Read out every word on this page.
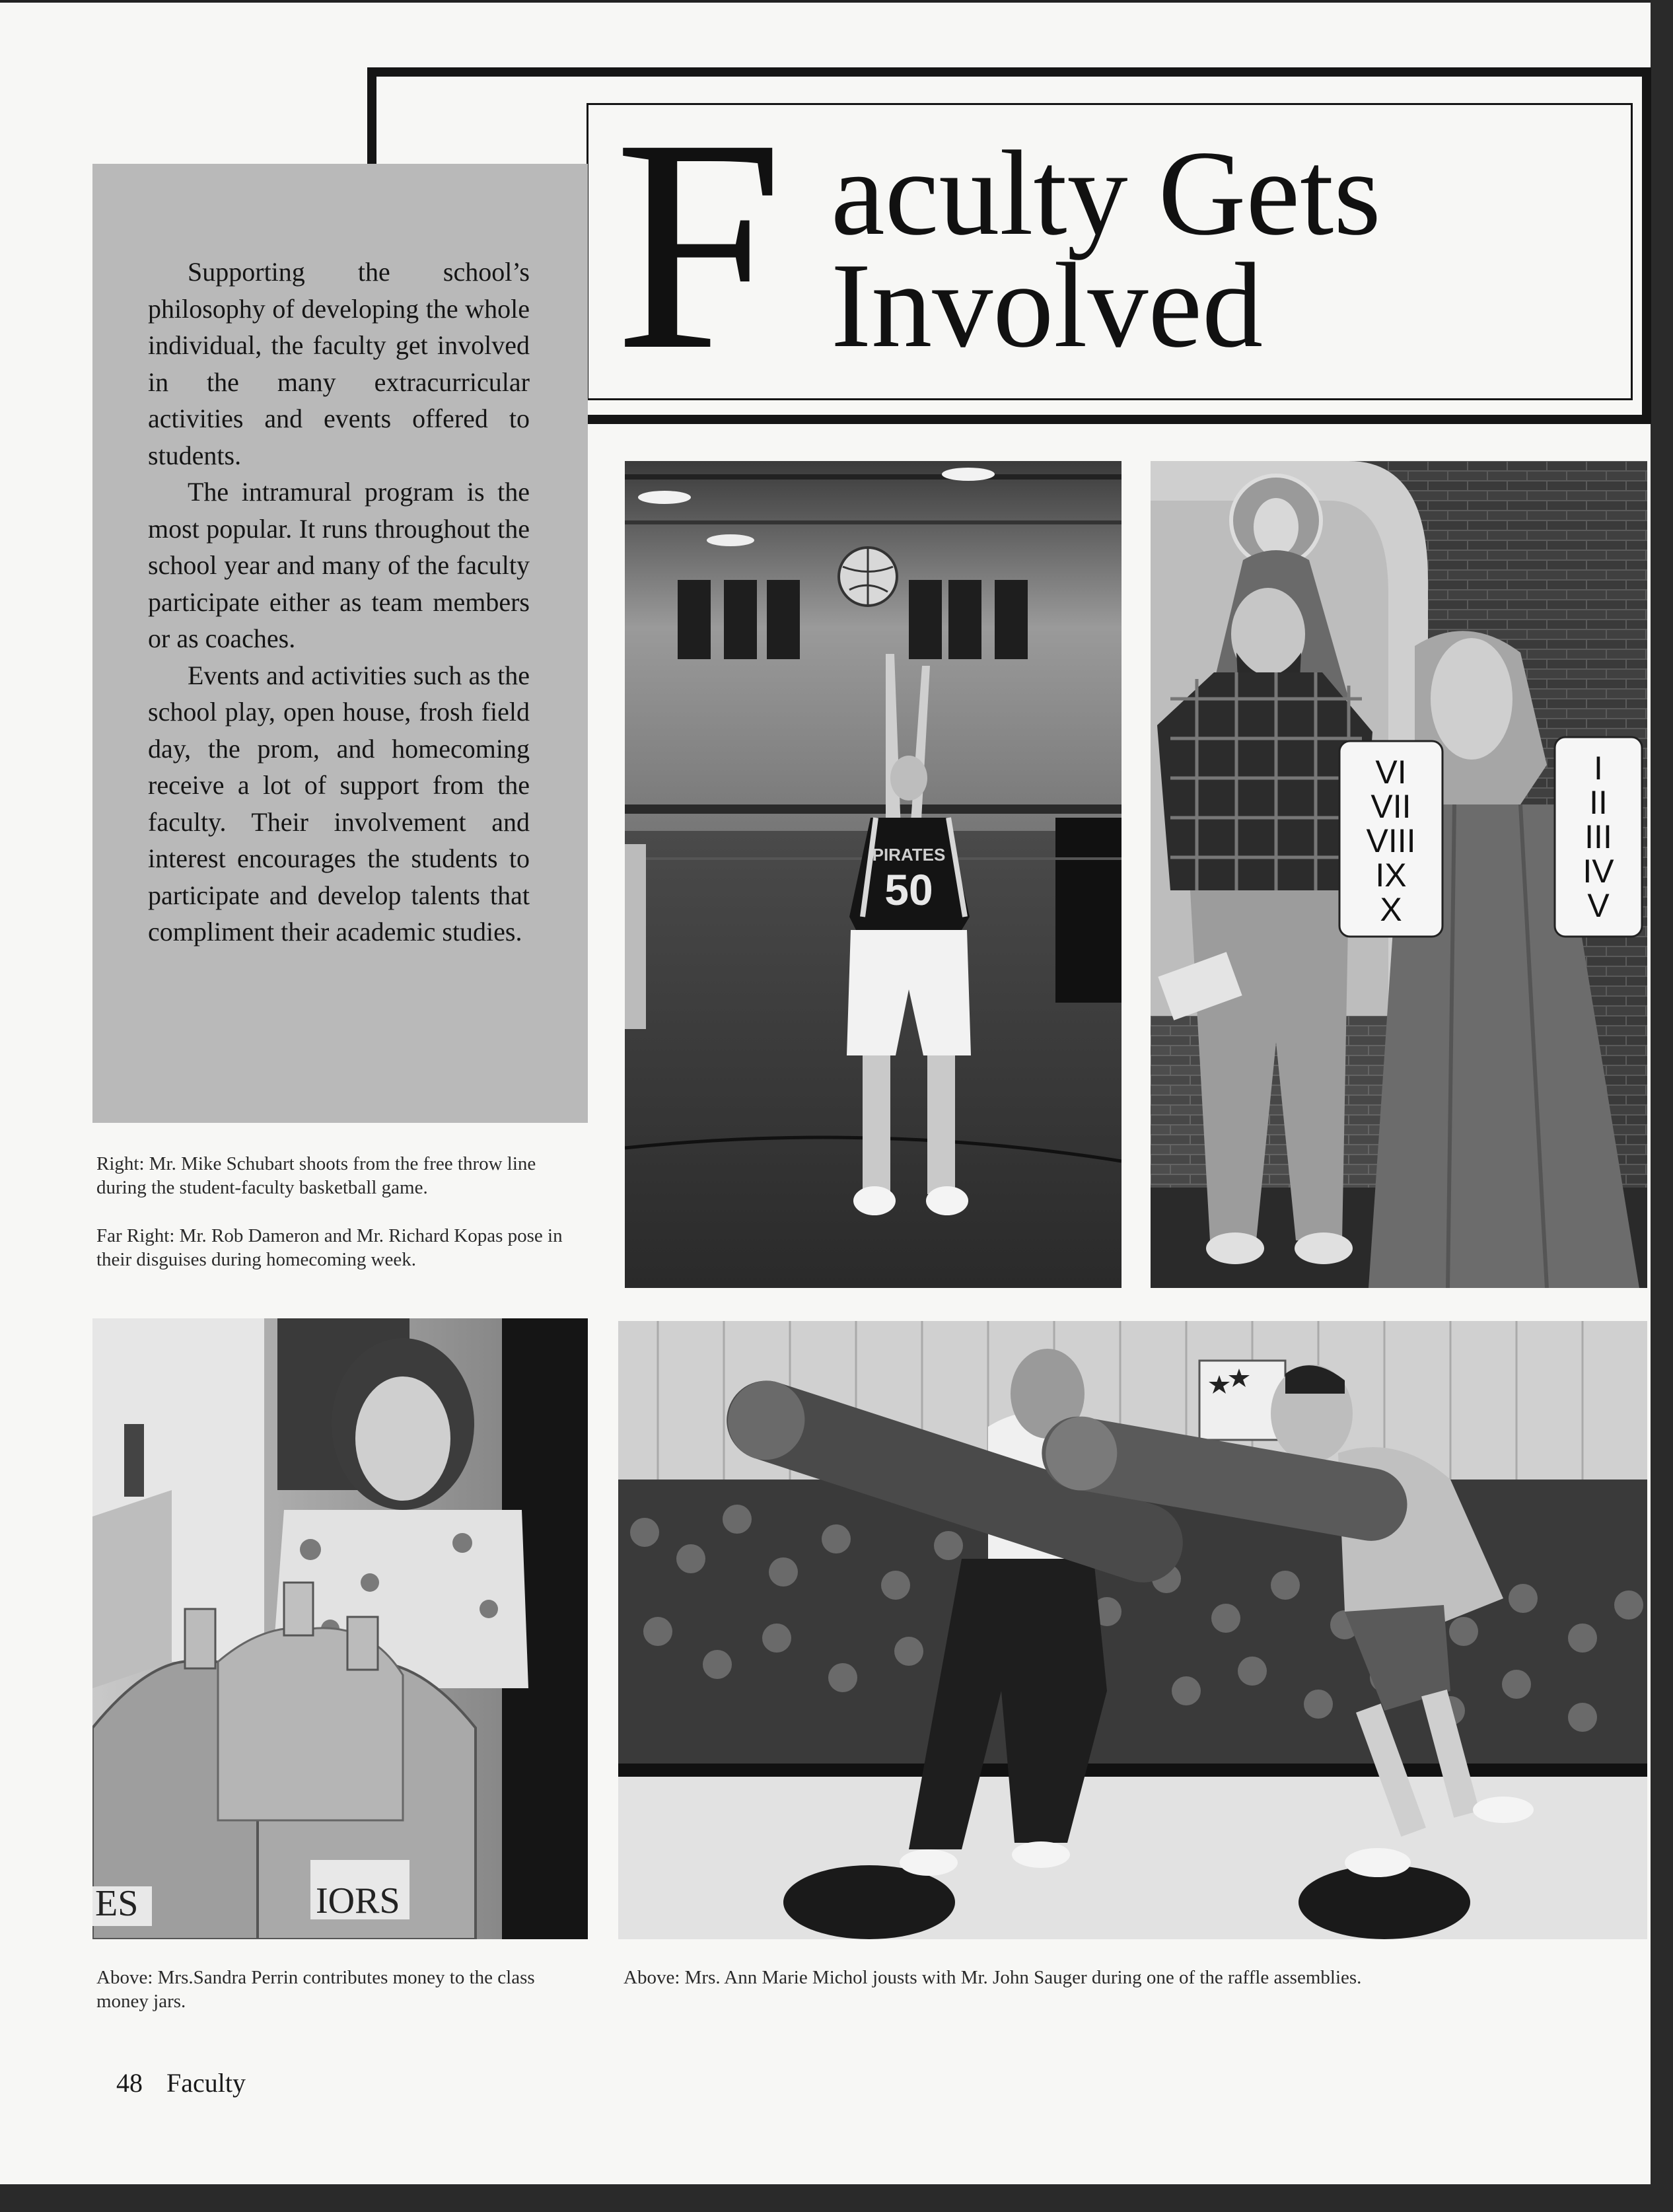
F aculty Gets
Involved

Supporting the school’s philosophy of developing the whole individual, the faculty get involved in the many extracurricular activities and events offered to students.

The intramural program is the most popular. It runs throughout the school year and many of the faculty participate either as team members or as coaches.

Events and activities such as the school play, open house, frosh field day, the prom, and homecoming receive a lot of support from the faculty. Their involvement and interest encourages the students to participate and develop talents that compliment their academic studies.

PIRATES
50
VI
VII
VIII
IX
X
I
II
III
IV
V
ES	IORS
Right: Mr. Mike Schubart shoots from the free throw line during the student-faculty basketball game.
Far Right: Mr. Rob Dameron and Mr. Richard Kopas pose in their disguises during homecoming week.
Above: Mrs.Sandra Perrin contributes money to the class money jars.
Above: Mrs. Ann Marie Michol jousts with Mr. John Sauger during one of the raffle assemblies.
48 Faculty
